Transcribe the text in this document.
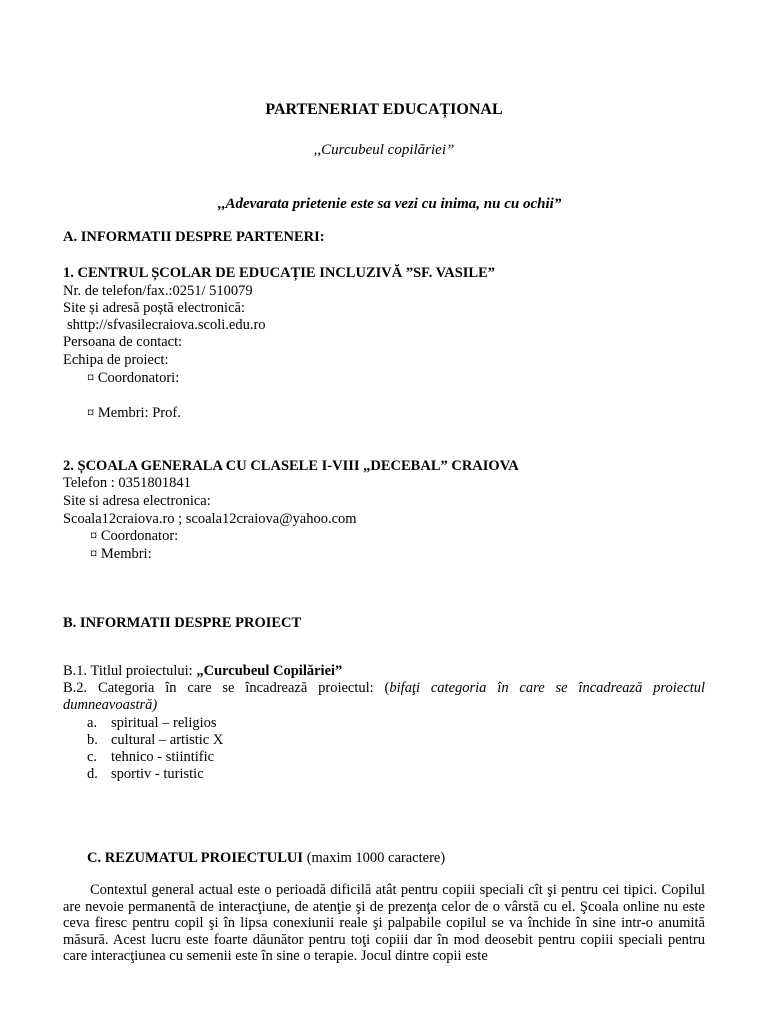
PARTENERIAT EDUCAȚIONAL
,,Curcubeul copilăriei”
,,Adevarata prietenie este sa vezi cu inima, nu cu ochii”
A. INFORMATII DESPRE PARTENERI:
1. CENTRUL ȘCOLAR DE EDUCAȚIE INCLUZIVĂ ”SF. VASILE”
Nr. de telefon/fax.:0251/ 510079
Site și adresă poștă electronică:
shttp://sfvasilecraiova.scoli.edu.ro
Persoana de contact:
Echipa de proiect:
¤ Coordonatori:
¤ Membri: Prof.
2. ȘCOALA GENERALA CU CLASELE I-VIII „DECEBAL” CRAIOVA
Telefon : 0351801841
Site si adresa electronica:
Scoala12craiova.ro ; scoala12craiova@yahoo.com
¤ Coordonator:
¤ Membri:
B. INFORMATII DESPRE PROIECT
B.1. Titlul proiectului: „Curcubeul Copilăriei”
B.2. Categoria în care se încadrează proiectul: (bifaţi categoria în care se încadrează proiectul dumneavoastră)
a. spiritual – religios
b. cultural – artistic X
c. tehnico - stiintific
d. sportiv - turistic
C. REZUMATUL PROIECTULUI (maxim 1000 caractere)
Contextul general actual este o perioadă dificilă atât pentru copiii speciali cît şi pentru cei tipici. Copilul are nevoie permanentă de interacţiune, de atenţie şi de prezenţa celor de o vârstă cu el. Şcoala online nu este ceva firesc pentru copil şi în lipsa conexiunii reale şi palpabile copilul se va închide în sine intr-o anumită măsură. Acest lucru este foarte dăunător pentru toţi copiii dar în mod deosebit pentru copiii speciali pentru care interacţiunea cu semenii este în sine o terapie. Jocul dintre copii este
